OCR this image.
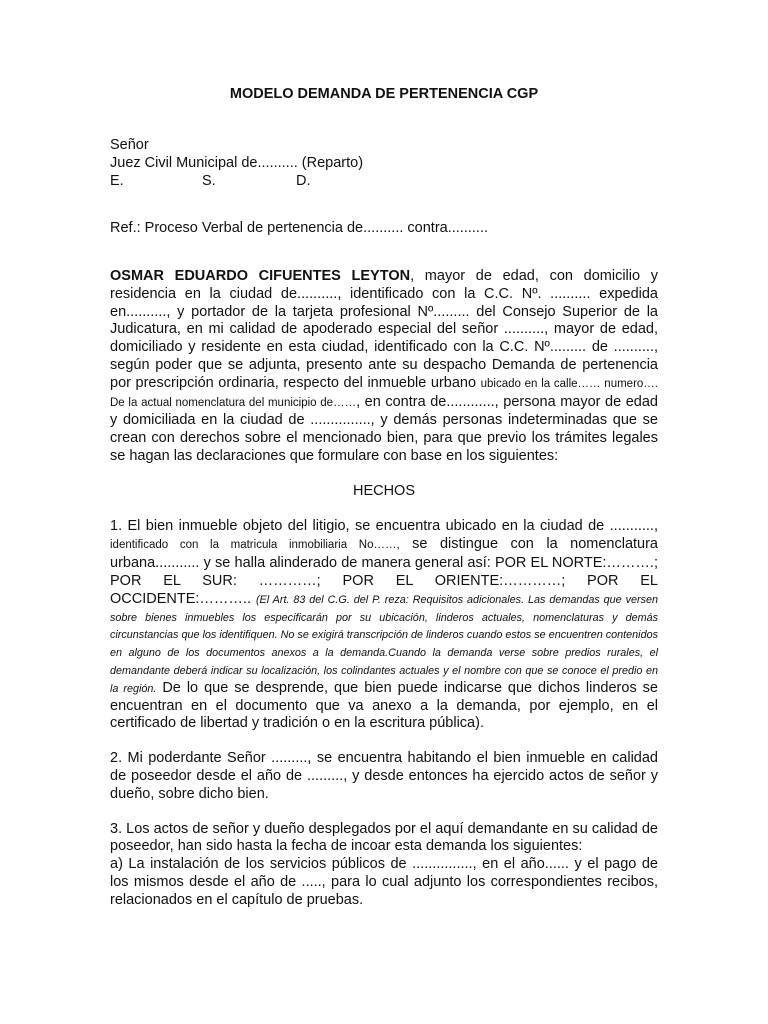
MODELO DEMANDA DE PERTENENCIA CGP
Señor
Juez Civil Municipal de.......... (Reparto)
E.	S.	D.
Ref.: Proceso Verbal de pertenencia de.......... contra..........

OSMAR EDUARDO CIFUENTES LEYTON, mayor de edad, con domicilio y residencia en la ciudad de.........., identificado con la C.C. Nº. .......... expedida en.........., y portador de la tarjeta profesional Nº......... del Consejo Superior de la Judicatura, en mi calidad de apoderado especial del señor .........., mayor de edad, domiciliado y residente en esta ciudad, identificado con la C.C. Nº......... de .........., según poder que se adjunta, presento ante su despacho Demanda de pertenencia por prescripción ordinaria, respecto del inmueble urbano ubicado en la calle…… numero…. De la actual nomenclatura del municipio de……, en contra de............, persona mayor de edad y domiciliada en la ciudad de ..............., y demás personas indeterminadas que se crean con derechos sobre el mencionado bien, para que previo los trámites legales se hagan las declaraciones que formulare con base en los siguientes:

HECHOS

1. El bien inmueble objeto del litigio, se encuentra ubicado en la ciudad de ..........., identificado con la matricula inmobiliaria No……, se distingue con la nomenclatura urbana........... y se halla alinderado de manera general así: POR EL NORTE:……….; POR EL SUR: …………; POR EL ORIENTE:…………; POR EL OCCIDENTE:……….. (El Art. 83 del C.G. del P. reza: Requisitos adicionales. Las demandas que versen sobre bienes inmuebles los especificarán por su ubicación, linderos actuales, nomenclaturas y demás circunstancias que los identifiquen. No se exigirá transcripción de linderos cuando estos se encuentren contenidos en alguno de los documentos anexos a la demanda.Cuando la demanda verse sobre predios rurales, el demandante deberá indicar su localización, los colindantes actuales y el nombre con que se conoce el predio en la región. De lo que se desprende, que bien puede indicarse que dichos linderos se encuentran en el documento que va anexo a la demanda, por ejemplo, en el certificado de libertad y tradición o en la escritura pública).

2. Mi poderdante Señor ........., se encuentra habitando el bien inmueble en calidad de poseedor desde el año de ........., y desde entonces ha ejercido actos de señor y dueño, sobre dicho bien.

3. Los actos de señor y dueño desplegados por el aquí demandante en su calidad de poseedor, han sido hasta la fecha de incoar esta demanda los siguientes:

a) La instalación de los servicios públicos de ..............., en el año...... y el pago de los mismos desde el año de ....., para lo cual adjunto los correspondientes recibos, relacionados en el capítulo de pruebas.
